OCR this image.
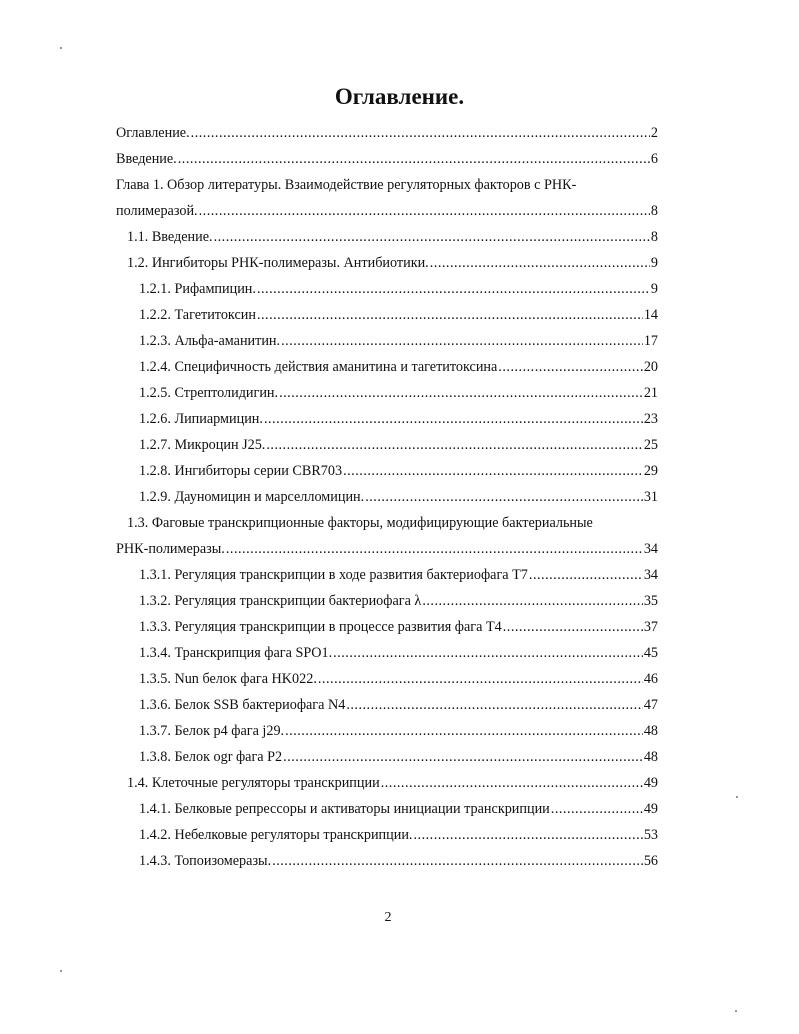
Оглавление.
Оглавление. .....	2
Введение. .....	6
Глава 1. Обзор литературы. Взаимодействие регуляторных факторов с РНК-
полимеразой. .....	8
1.1. Введение. .....	8
1.2. Ингибиторы РНК-полимеразы. Антибиотики. .....	9
1.2.1. Рифампицин. .....	9
1.2.2. Тагетитоксин .....	14
1.2.3. Альфа-аманитин. .....	17
1.2.4. Специфичность действия аманитина и тагетитоксина .....	20
1.2.5. Стрептолидигин. .....	21
1.2.6. Липиармицин. .....	23
1.2.7. Микроцин J25. .....	25
1.2.8. Ингибиторы серии CBR703 .....	29
1.2.9. Дауномицин и марселломицин. .....	31
1.3. Фаговые транскрипционные факторы, модифицирующие бактериальные
РНК-полимеразы. .....	34
1.3.1. Регуляция транскрипции в ходе развития бактериофага T7 .....	34
1.3.2. Регуляция транскрипции бактериофага λ .....	35
1.3.3. Регуляция транскрипции в процессе развития фага T4 .....	37
1.3.4. Транскрипция фага SPO1. .....	45
1.3.5. Nun белок фага HK022. .....	46
1.3.6. Белок SSB бактериофага N4 .....	47
1.3.7. Белок p4 фага j29. .....	48
1.3.8. Белок ogr фага P2 .....	48
1.4. Клеточные регуляторы транскрипции .....	49
1.4.1. Белковые репрессоры и активаторы инициации транскрипции .....	49
1.4.2. Небелковые регуляторы транскрипции. .....	53
1.4.3. Топоизомеразы. .....	56
2
